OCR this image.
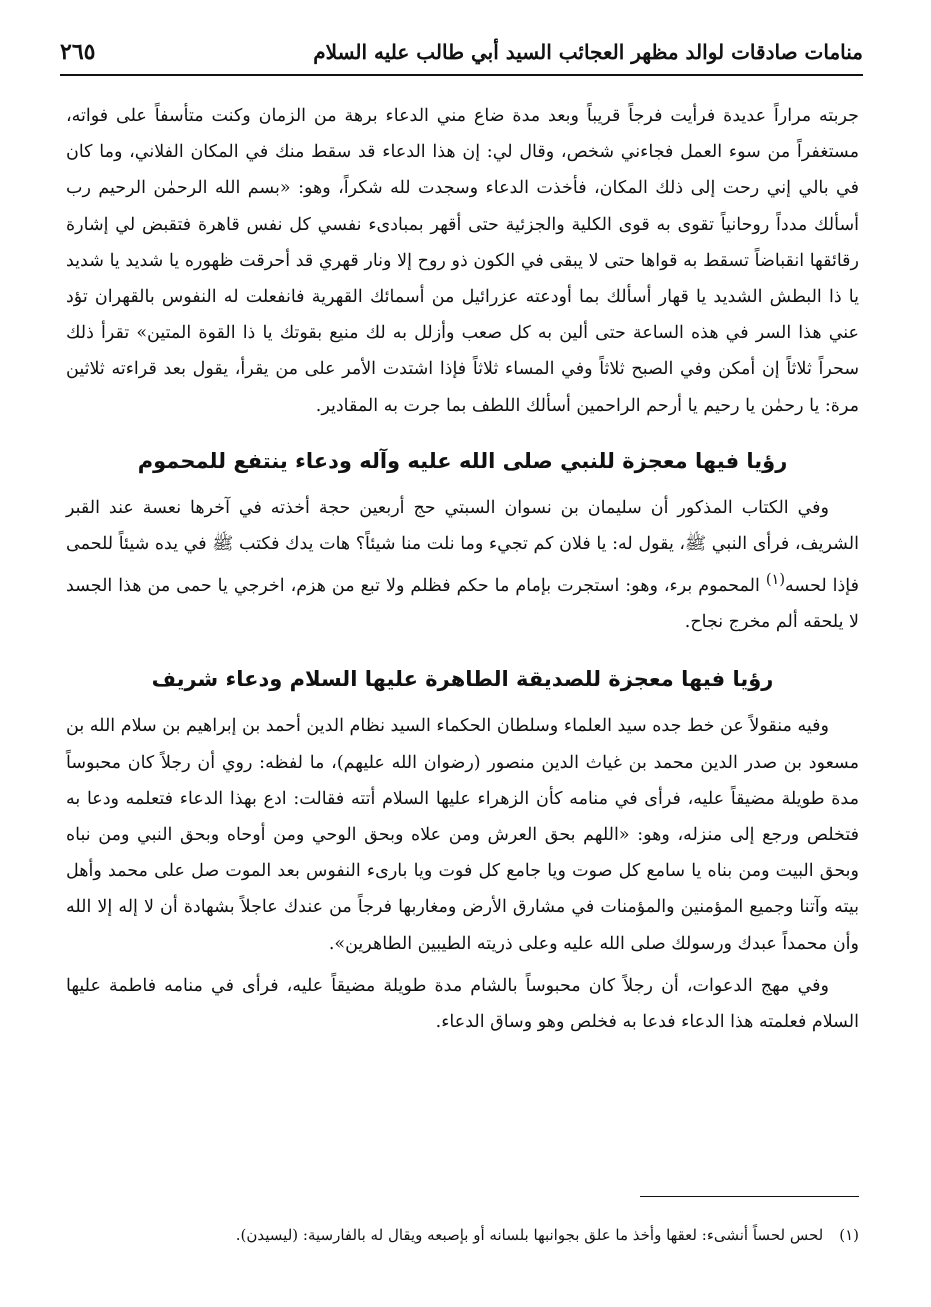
منامات صادقات لوالد مظهر العجائب السيد أبي طالب عليه السلام
٢٦٥

جربته مراراً عديدة فرأيت فرجاً قريباً وبعد مدة ضاع مني الدعاء برهة من الزمان وكنت متأسفاً على فواته، مستغفراً من سوء العمل فجاءني شخص، وقال لي: إن هذا الدعاء قد سقط منك في المكان الفلاني، وما كان في بالي إني رحت إلى ذلك المكان، فأخذت الدعاء وسجدت لله شكراً، وهو: «بسم الله الرحمٰن الرحيم رب أسألك مدداً روحانياً تقوى به قوى الكلية والجزئية حتى أقهر بمبادىء نفسي كل نفس قاهرة فتقبض لي إشارة رقائقها انقباضاً تسقط به قواها حتى لا يبقى في الكون ذو روح إلا ونار قهري قد أحرقت ظهوره يا شديد يا شديد يا ذا البطش الشديد يا قهار أسألك بما أودعته عزرائيل من أسمائك القهرية فانفعلت له النفوس بالقهران تؤد عني هذا السر في هذه الساعة حتى ألين به كل صعب وأزلل به لك منيع بقوتك يا ذا القوة المتين» تقرأ ذلك سحراً ثلاثاً إن أمكن وفي الصبح ثلاثاً وفي المساء ثلاثاً فإذا اشتدت الأمر على من يقرأ، يقول بعد قراءته ثلاثين مرة: يا رحمٰن يا رحيم يا أرحم الراحمين أسألك اللطف بما جرت به المقادير.

رؤيا فيها معجزة للنبي صلى الله عليه وآله ودعاء ينتفع للمحموم

وفي الكتاب المذكور أن سليمان بن نسوان السبتي حج أربعين حجة أخذته في آخرها نعسة عند القبر الشريف، فرأى النبي ﷺ، يقول له: يا فلان كم تجيء وما نلت منا شيئاً؟ هات يدك فكتب ﷺ في يده شيئاً للحمى فإذا لحسه$^{(١)}$ المحموم برء، وهو: استجرت بإمام ما حكم فظلم ولا تبع من هزم، اخرجي يا حمى من هذا الجسد لا يلحقه ألم مخرج نجاح.

رؤيا فيها معجزة للصديقة الطاهرة عليها السلام ودعاء شريف

وفيه منقولاً عن خط جده سيد العلماء وسلطان الحكماء السيد نظام الدين أحمد بن إبراهيم بن سلام الله بن مسعود بن صدر الدين محمد بن غياث الدين منصور (رضوان الله عليهم)، ما لفظه: روي أن رجلاً كان محبوساً مدة طويلة مضيقاً عليه، فرأى في منامه كأن الزهراء عليها السلام أتته فقالت: ادع بهذا الدعاء فتعلمه ودعا به فتخلص ورجع إلى منزله، وهو: «اللهم بحق العرش ومن علاه وبحق الوحي ومن أوحاه وبحق النبي ومن نباه وبحق البيت ومن بناه يا سامع كل صوت ويا جامع كل فوت ويا بارىء النفوس بعد الموت صل على محمد وأهل بيته وآتنا وجميع المؤمنين والمؤمنات في مشارق الأرض ومغاربها فرجاً من عندك عاجلاً بشهادة أن لا إله إلا الله وأن محمداً عبدك ورسولك صلى الله عليه وعلى ذريته الطيبين الطاهرين».

وفي مهج الدعوات، أن رجلاً كان محبوساً بالشام مدة طويلة مضيقاً عليه، فرأى في منامه فاطمة عليها السلام فعلمته هذا الدعاء فدعا به فخلص وهو وساق الدعاء.

(١)لحس لحساً أنشىء: لعقها وأخذ ما علق بجوانبها بلسانه أو بإصبعه ويقال له بالفارسية: (ليسيدن).
